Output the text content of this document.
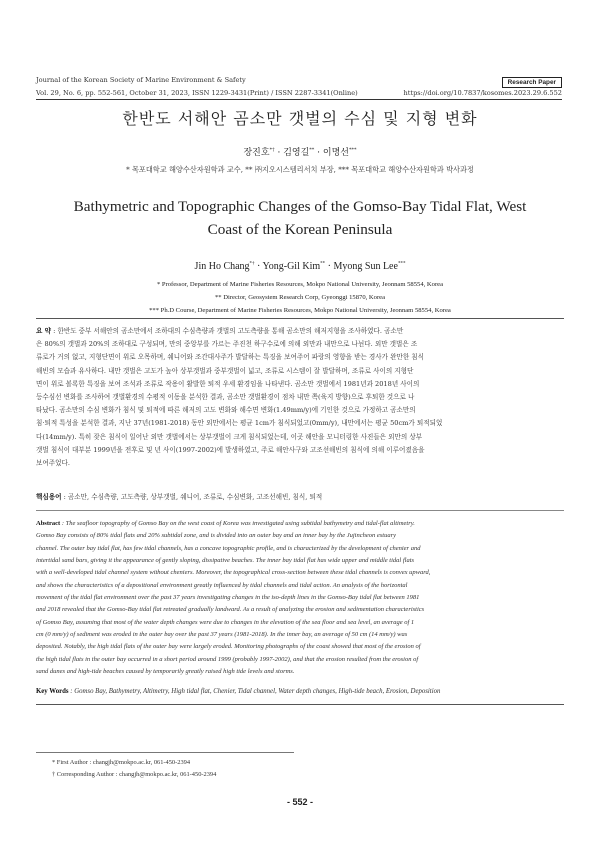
Journal of the Korean Society of Marine Environment & Safety	Research Paper
Vol. 29, No. 6, pp. 552-561, October 31, 2023, ISSN 1229-3431(Print) / ISSN 2287-3341(Online)	https://doi.org/10.7837/kosomes.2023.29.6.552
한반도 서해안 곰소만 갯벌의 수심 및 지형 변화
장진호*† · 김영길** · 이명선***
* 목포대학교 해양수산자원학과 교수, ** ㈜지오시스템리서치 부장, *** 목포대학교 해양수산자원학과 박사과정
Bathymetric and Topographic Changes of the Gomso-Bay Tidal Flat, West
Coast of the Korean Peninsula
Jin Ho Chang*† · Yong-Gil Kim** · Myong Sun Lee***
* Professor, Department of Marine Fisheries Resources, Mokpo National University, Jeonnam 58554, Korea
** Director, Geosystem Research Corp, Gyeonggi 15870, Korea
*** Ph.D Course, Department of Marine Fisheries Resources, Mokpo National University, Jeonnam 58554, Korea
요 약 : 한반도 중부 서해안의 곰소만에서 조하대의 수심측량과 갯벌의 고도측량을 통해 곰소만의 해저지형을 조사하였다. 곰소만
은 80%의 갯벌과 20%의 조하대로 구성되며, 만의 중앙부를 가르는 주진천 하구수로에 의해 외만과 내만으로 나뉜다. 외만 갯벌은 조
류로가 거의 없고, 지형단면이 위로 오목하며, 쉐니어와 조간대사주가 발달하는 특징을 보여주어 파랑의 영향을 받는 경사가 완만한 침식
해빈의 모습과 유사하다. 내만 갯벌은 고도가 높아 상부갯벌과 중부갯벌이 넓고, 조류로 시스템이 잘 발달하며, 조류로 사이의 지형단
면이 위로 볼록한 특징을 보여 조석과 조류로 작용이 활발한 퇴적 우세 환경임을 나타낸다. 곰소만 갯벌에서 1981년과 2018년 사이의
등수심선 변화를 조사하여 갯벌환경의 수평적 이동을 분석한 결과, 곰소만 갯벌환경이 점차 내만 쪽(육지 방향)으로 후퇴한 것으로 나
타났다. 곰소만의 수심 변화가 침식 및 퇴적에 따른 해저의 고도 변화와 해수면 변화(1.49mm/y)에 기인한 것으로 가정하고 곰소만의
침·퇴적 특성을 분석한 결과, 지난 37년(1981-2018) 동안 외만에서는 평균 1cm가 침식되었고(0mm/y), 내만에서는 평균 50cm가 퇴적되었
다(14mm/y). 특히 잦은 침식이 일어난 외만 갯벌에서는 상부갯벌이 크게 침식되었는데, 이곳 해안을 모니터링한 사진들은 외만의 상부
갯벌 침식이 대부분 1999년을 전후로 및 년 사이(1997-2002)에 발생하였고, 주로 해안사구와 고조선해빈의 침식에 의해 이루어졌음을
보여주었다.
핵심용어 : 곰소만, 수심측량, 고도측량, 상부갯벌, 쉐니어, 조류로, 수심변화, 고조선해빈, 침식, 퇴적
Abstract : The seafloor topography of Gomso Bay on the west coast of Korea was investigated using subtidal bathymetry and tidal-flat altimetry.
Gomso Bay consists of 80% tidal flats and 20% subtidal zone, and is divided into an outer bay and an inner bay by the Jujincheon estuary
channel. The outer bay tidal flat, has few tidal channels, has a concave topographic profile, and is characterized by the development of chenier and
intertidal sand bars, giving it the appearance of gently sloping, dissipative beaches. The inner bay tidal flat has wide upper and middle tidal flats
with a well-developed tidal channel system without cheniers. Moreover, the topographical cross-section between these tidal channels is convex upward,
and shows the characteristics of a depositional environment greatly influenced by tidal channels and tidal action. An analysis of the horizontal
movement of the tidal flat environment over the past 37 years investigating changes in the iso-depth lines in the Gomso-Bay tidal flat between 1981
and 2018 revealed that the Gomso-Bay tidal flat retreated gradually landward. As a result of analyzing the erosion and sedimentation characteristics
of Gomso Bay, assuming that most of the water depth changes were due to changes in the elevation of the sea floor and sea level, an average of 1
cm (0 mm/y) of sediment was eroded in the outer bay over the past 37 years (1981-2018). In the inner bay, an average of 50 cm (14 mm/y) was
deposited. Notably, the high tidal flats of the outer bay were largely eroded. Monitoring photographs of the coast showed that most of the erosion of
the high tidal flats in the outer bay occurred in a short period around 1999 (probably 1997-2002), and that the erosion resulted from the erosion of
sand dunes and high-tide beaches caused by temporarily greatly raised high tide levels and storms.
Key Words : Gomso Bay, Bathymetry, Altimetry, High tidal flat, Chenier, Tidal channel, Water depth changes, High-tide beach, Erosion, Deposition
* First Author : changjh@mokpo.ac.kr, 061-450-2394
† Corresponding Author : changjh@mokpo.ac.kr, 061-450-2394
- 552 -
